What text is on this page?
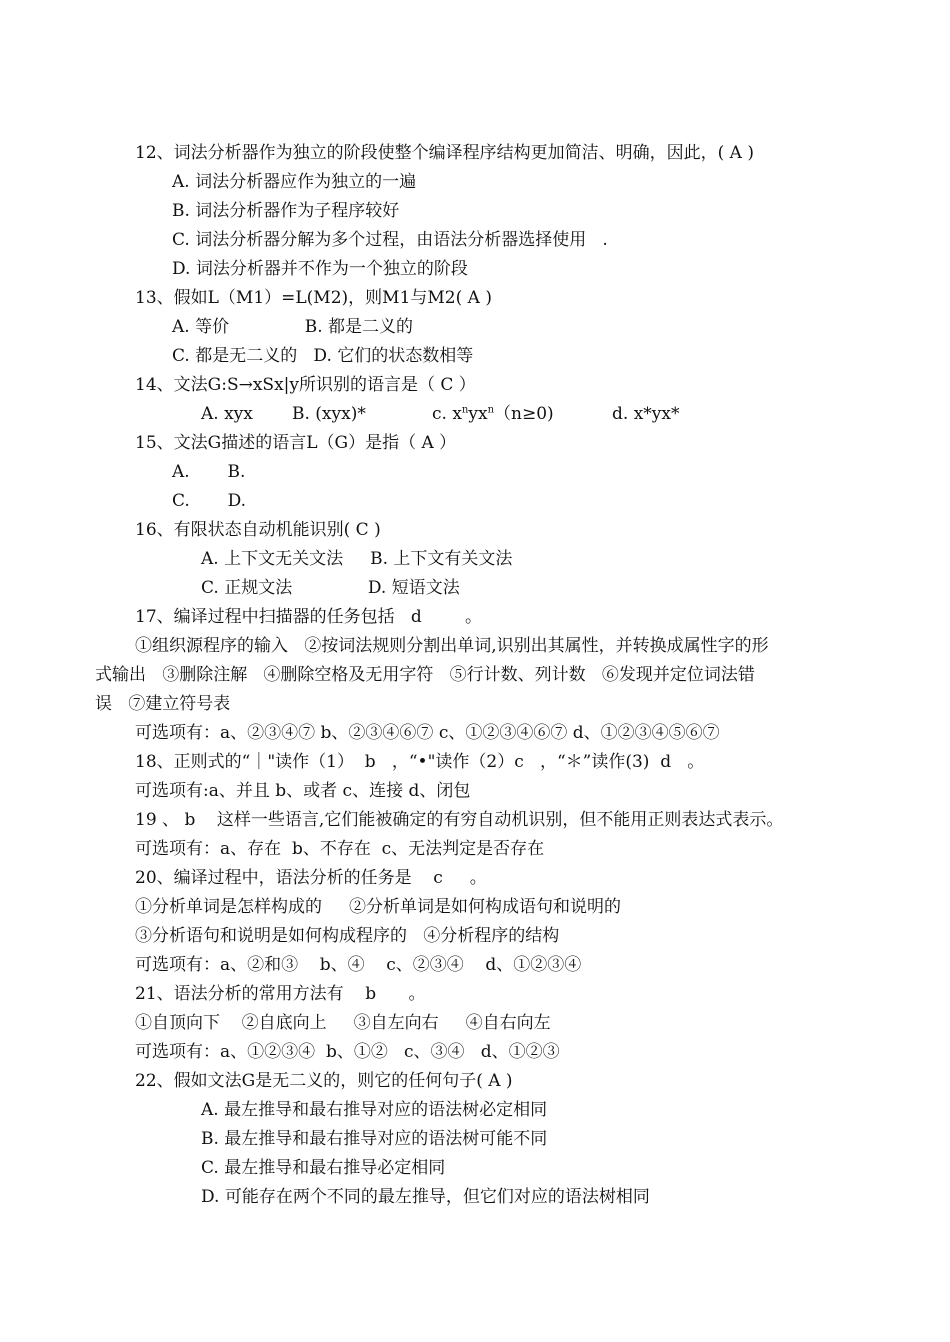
12、词法分析器作为独立的阶段使整个编译程序结构更加简洁、明确，因此，( A )
A. 词法分析器应作为独立的一遍
B. 词法分析器作为子程序较好
C. 词法分析器分解为多个过程，由语法分析器选择使用   .
D. 词法分析器并不作为一个独立的阶段
13、假如L（M1）=L(M2)，则M1与M2( A )
A. 等价              B. 都是二义的
C. 都是无二义的   D. 它们的状态数相等
14、文法G:S→xSx|y所识别的语言是（ C ）
A. xyx B. (xyx)*	c. $x^nyx^n(n\ge 0)$	d. x*yx*
15、文法G描述的语言L（G）是指（ A ）
A.       B.
C.       D.
16、有限状态自动机能识别( C )
A. 上下文无关文法     B. 上下文有关文法
C. 正规文法              D. 短语文法
17、编译过程中扫描器的任务包括   d        。
①组织源程序的输入   ②按词法规则分割出单词,识别出其属性，并转换成属性字的形
式输出   ③删除注解   ④删除空格及无用字符   ⑤行计数、列计数   ⑥发现并定位词法错
误   ⑦建立符号表
可选项有：a、②③④⑦ b、②③④⑥⑦ c、①②③④⑥⑦ d、①②③④⑤⑥⑦
18、正则式的“｜"读作（1）  b   ，“•"读作（2）c   ，“＊”读作(3)  d   。
可选项有:a、并且 b、或者 c、连接 d、闭包
19 、 b    这样一些语言,它们能被确定的有穷自动机识别，但不能用正则表达式表示。
可选项有：a、存在  b、不存在  c、无法判定是否存在
20、编译过程中，语法分析的任务是    c     。
①分析单词是怎样构成的     ②分析单词是如何构成语句和说明的
③分析语句和说明是如何构成程序的   ④分析程序的结构
可选项有：a、②和③    b、④    c、②③④    d、①②③④
21、语法分析的常用方法有    b      。
①自顶向下    ②自底向上     ③自左向右     ④自右向左
可选项有：a、①②③④  b、①②   c、③④   d、①②③
22、假如文法G是无二义的，则它的任何句子( A )
A. 最左推导和最右推导对应的语法树必定相同
B. 最左推导和最右推导对应的语法树可能不同
C. 最左推导和最右推导必定相同
D. 可能存在两个不同的最左推导，但它们对应的语法树相同
